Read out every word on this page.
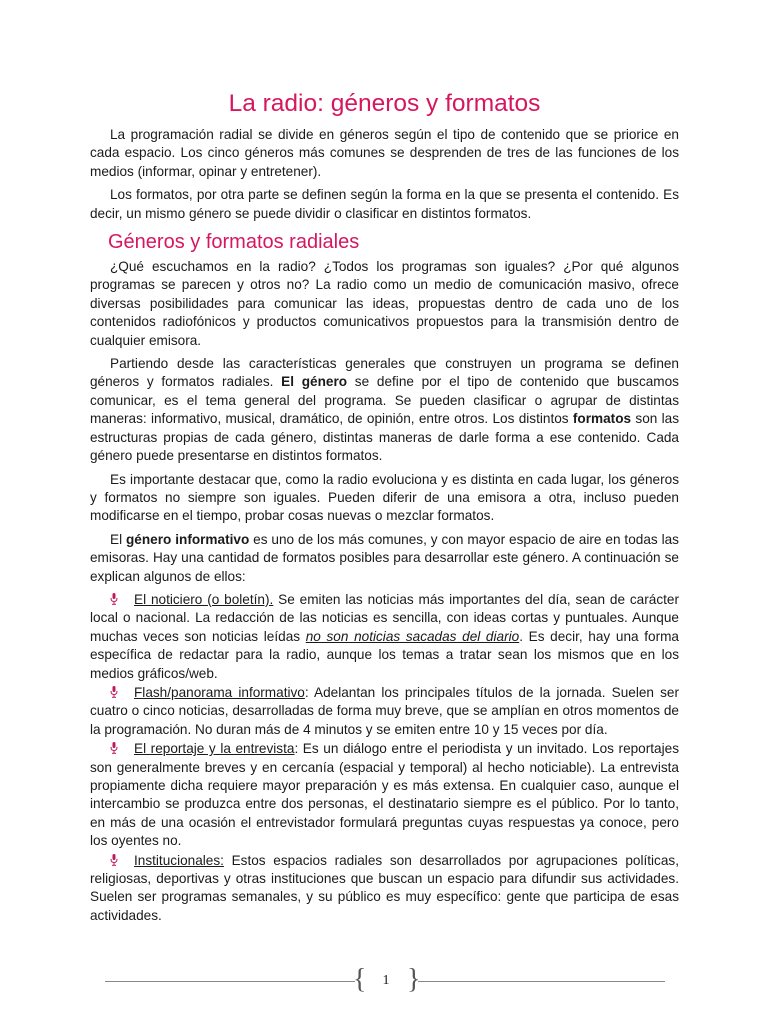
La radio: géneros y formatos

La programación radial se divide en géneros según el tipo de contenido que se priorice en cada espacio. Los cinco géneros más comunes se desprenden de tres de las funciones de los medios (informar, opinar y entretener).

Los formatos, por otra parte se definen según la forma en la que se presenta el contenido. Es decir, un mismo género se puede dividir o clasificar en distintos formatos.

Géneros y formatos radiales

¿Qué escuchamos en la radio? ¿Todos los programas son iguales? ¿Por qué algunos programas se parecen y otros no? La radio como un medio de comunicación masivo, ofrece diversas posibilidades para comunicar las ideas, propuestas dentro de cada uno de los contenidos radiofónicos y productos comunicativos propuestos para la transmisión dentro de cualquier emisora.

Partiendo desde las características generales que construyen un programa se definen géneros y formatos radiales. El género se define por el tipo de contenido que buscamos comunicar, es el tema general del programa. Se pueden clasificar o agrupar de distintas maneras: informativo, musical, dramático, de opinión, entre otros. Los distintos formatos son las estructuras propias de cada género, distintas maneras de darle forma a ese contenido. Cada género puede presentarse en distintos formatos.

Es importante destacar que, como la radio evoluciona y es distinta en cada lugar, los géneros y formatos no siempre son iguales. Pueden diferir de una emisora a otra, incluso pueden modificarse en el tiempo, probar cosas nuevas o mezclar formatos.

El género informativo es uno de los más comunes, y con mayor espacio de aire en todas las emisoras. Hay una cantidad de formatos posibles para desarrollar este género. A continuación se explican algunos de ellos:

El noticiero (o boletín). Se emiten las noticias más importantes del día, sean de carácter local o nacional. La redacción de las noticias es sencilla, con ideas cortas y puntuales. Aunque muchas veces son noticias leídas no son noticias sacadas del diario. Es decir, hay una forma específica de redactar para la radio, aunque los temas a tratar sean los mismos que en los medios gráficos/web.
Flash/panorama informativo: Adelantan los principales títulos de la jornada. Suelen ser cuatro o cinco noticias, desarrolladas de forma muy breve, que se amplían en otros momentos de la programación. No duran más de 4 minutos y se emiten entre 10 y 15 veces por día.
El reportaje y la entrevista: Es un diálogo entre el periodista y un invitado. Los reportajes son generalmente breves y en cercanía (espacial y temporal) al hecho noticiable). La entrevista propiamente dicha requiere mayor preparación y es más extensa. En cualquier caso, aunque el intercambio se produzca entre dos personas, el destinatario siempre es el público. Por lo tanto, en más de una ocasión el entrevistador formulará preguntas cuyas respuestas ya conoce, pero los oyentes no.
Institucionales: Estos espacios radiales son desarrollados por agrupaciones políticas, religiosas, deportivas y otras instituciones que buscan un espacio para difundir sus actividades. Suelen ser programas semanales, y su público es muy específico: gente que participa de esas actividades.
{	1 }
